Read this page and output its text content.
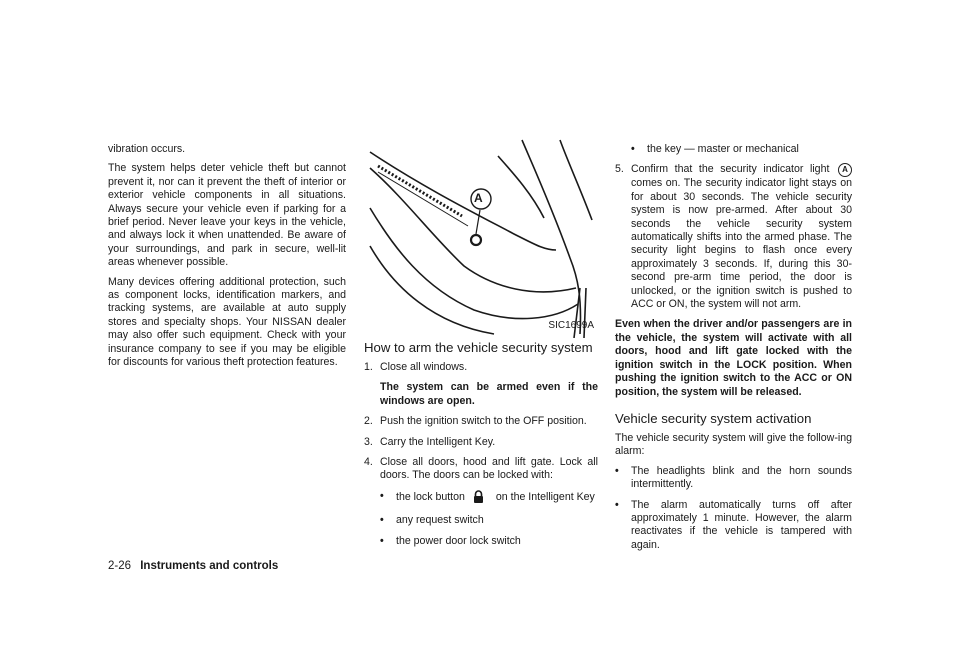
vibration occurs.

The system helps deter vehicle theft but cannot prevent it, nor can it prevent the theft of interior or exterior vehicle components in all situations. Always secure your vehicle even if parking for a brief period. Never leave your keys in the vehicle, and always lock it when unattended. Be aware of your surroundings, and park in secure, well-lit areas whenever possible.

Many devices offering additional protection, such as component locks, identification markers, and tracking systems, are available at auto supply stores and specialty shops. Your NISSAN dealer may also offer such equipment. Check with your insurance company to see if you may be eligible for discounts for various theft protection features.

A
SIC1699A
How to arm the vehicle security system
1. Close all windows.
The system can be armed even if the windows are open.
2. Push the ignition switch to the OFF position.
3. Carry the Intelligent Key.
4. Close all doors, hood and lift gate. Lock all doors. The doors can be locked with:
• the lock button	on the Intelligent Key
• any request switch
• the power door lock switch
• the key — master or mechanical
5. Confirm that the security indicator light A comes on. The security indicator light stays on for about 30 seconds. The vehicle security system is now pre-armed. After about 30 seconds the vehicle security system automatically shifts into the armed phase. The security light begins to flash once every approximately 3 seconds. If, during this 30-second pre-arm time period, the door is unlocked, or the ignition switch is pushed to ACC or ON, the system will not arm.

Even when the driver and/or passengers are in the vehicle, the system will activate with all doors, hood and lift gate locked with the ignition switch in the LOCK position. When pushing the ignition switch to the ACC or ON position, the system will be released.

Vehicle security system activation

The vehicle security system will give the follow-ing alarm:

• The headlights blink and the horn sounds intermittently.
• The alarm automatically turns off after approximately 1 minute. However, the alarm reactivates if the vehicle is tampered with again.
2-26 Instruments and controls
